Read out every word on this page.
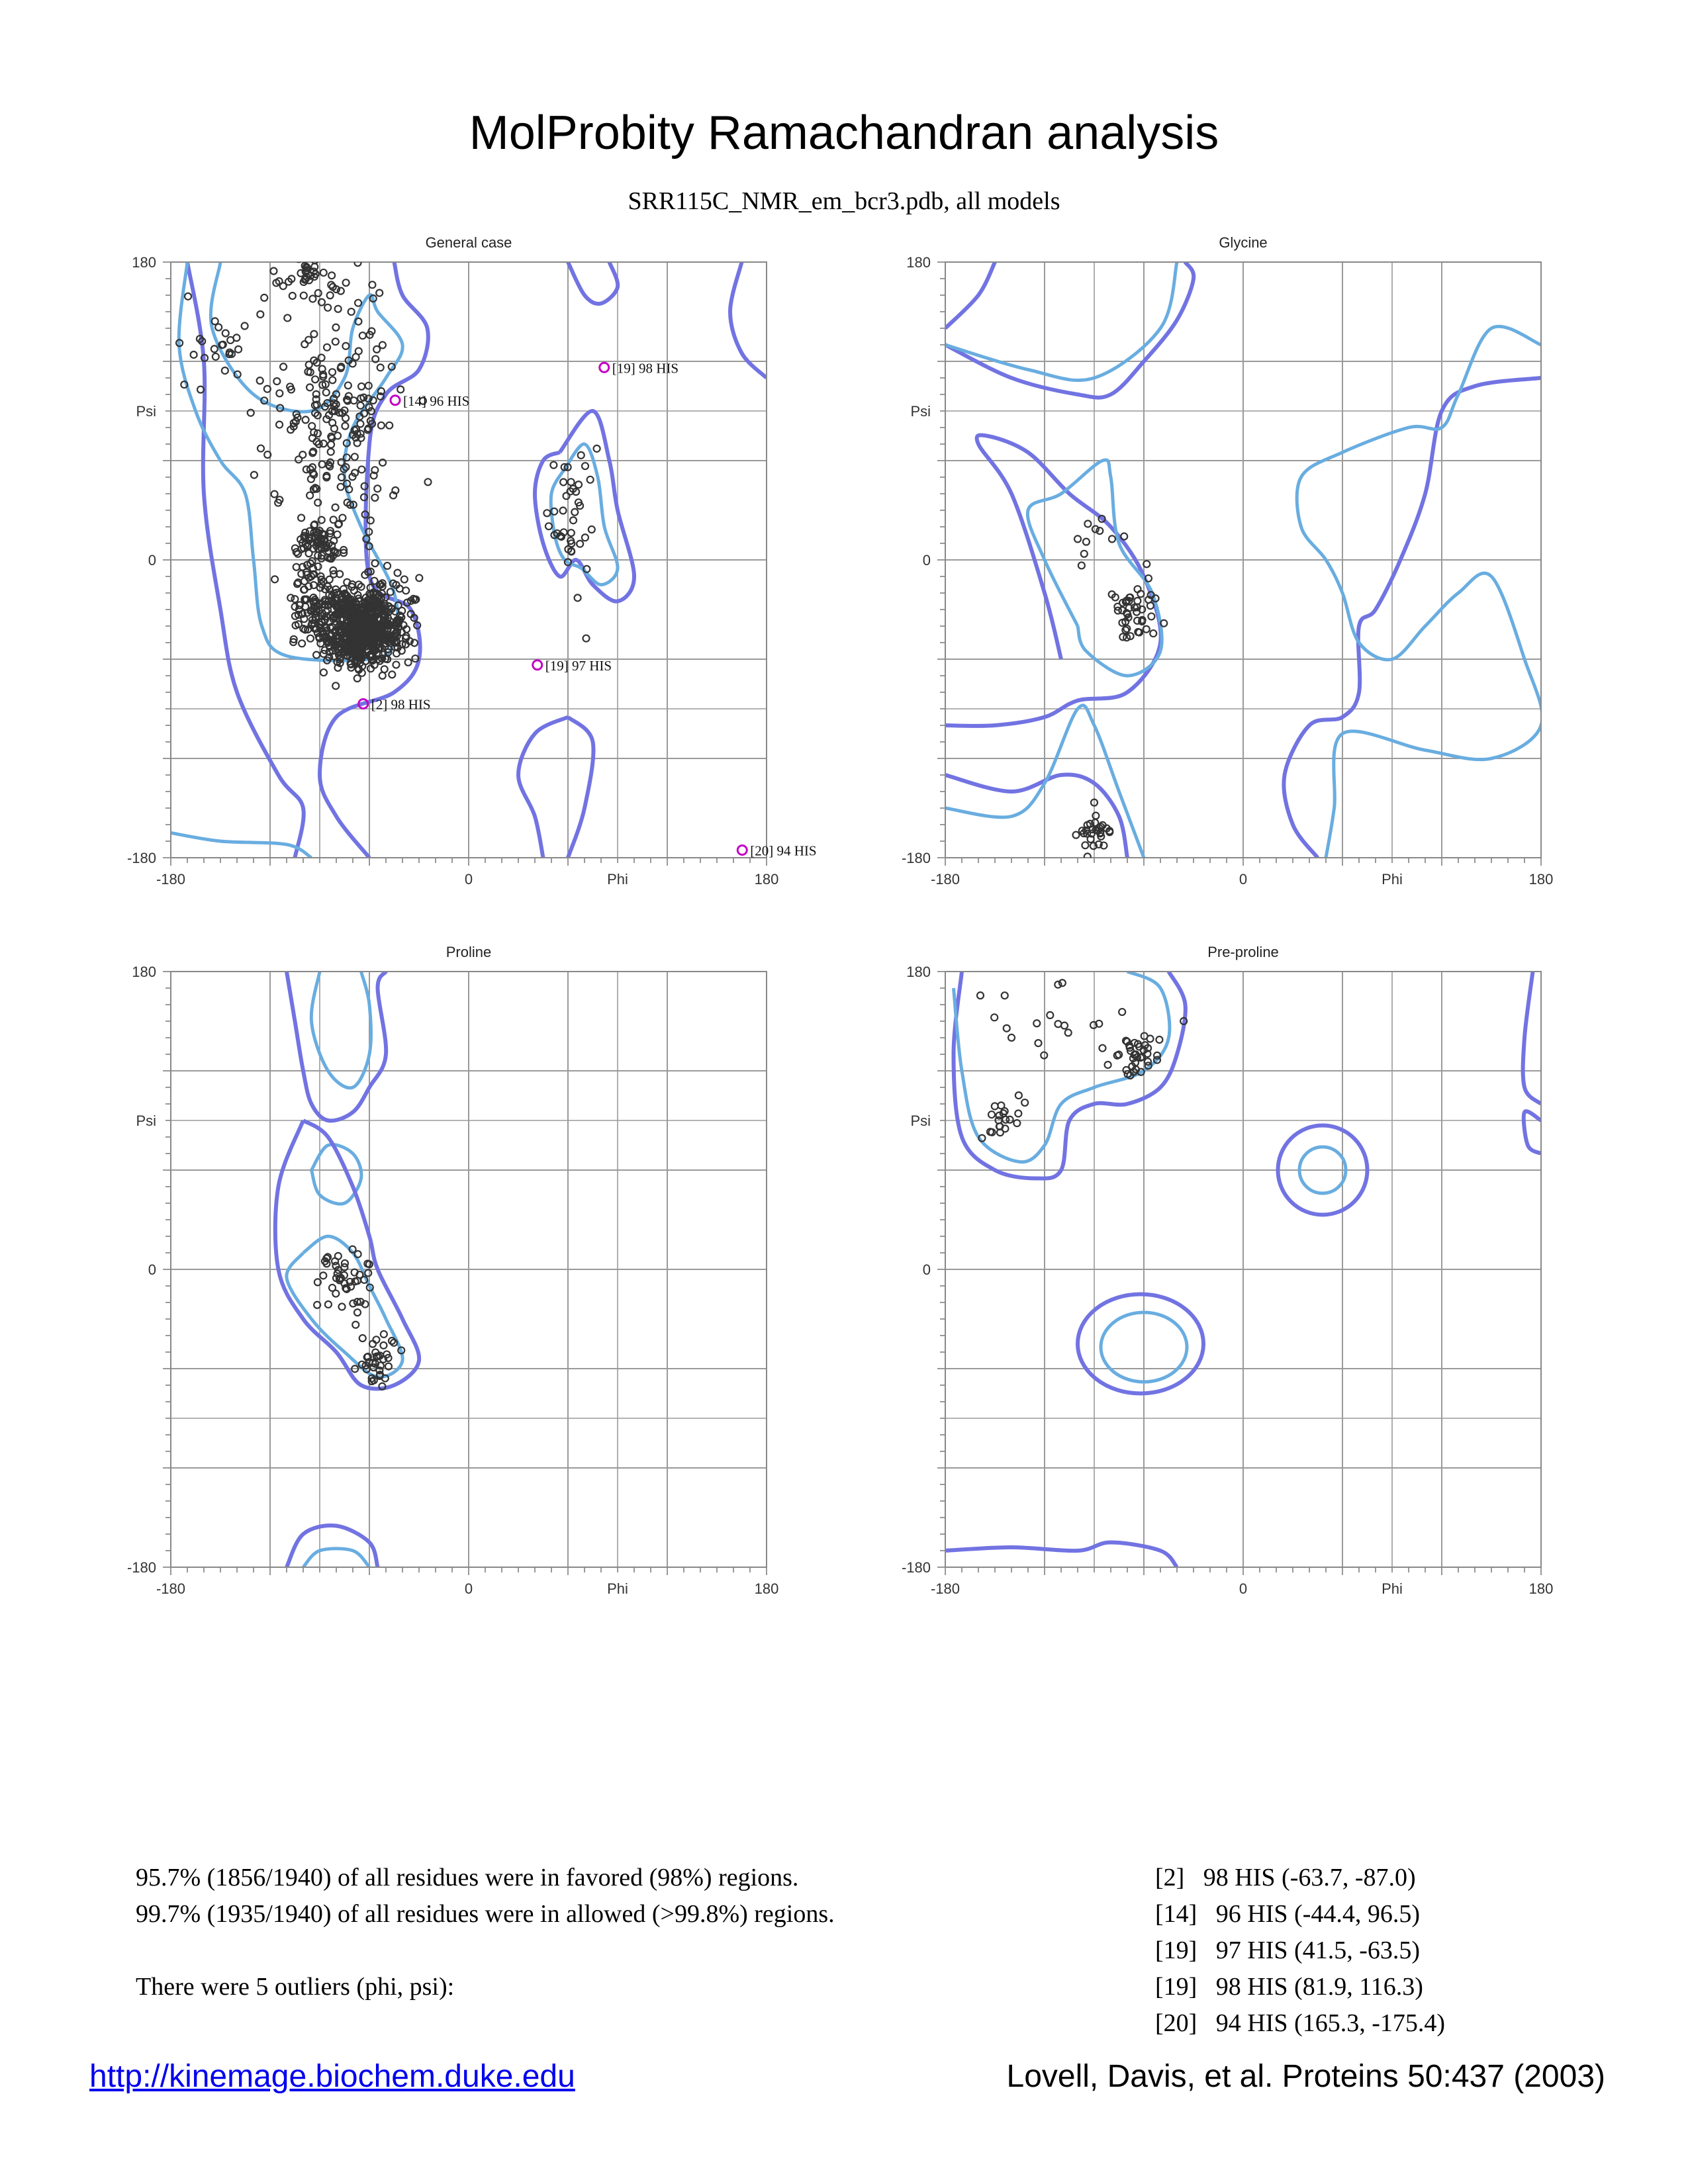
MolProbity Ramachandran analysis
SRR115C_NMR_em_bcr3.pdb, all models
General case
[2] 98 HIS
[14] 96 HIS
[19] 97 HIS
[19] 98 HIS
[20] 94 HIS
-180	0	180
180
0
-180
Phi
Psi
Glycine
-180	0	180
180
0
-180
Phi
Psi
Proline
-180	0	180
180
0
-180
Phi
Psi
Pre-proline
-180	0	180
180
0
-180
Phi
Psi
95.7% (1856/1940) of all residues were in favored (98%) regions.
99.7% (1935/1940) of all residues were in allowed (>99.8%) regions.
There were 5 outliers (phi, psi):
[2]   98 HIS (-63.7, -87.0)
[14]   96 HIS (-44.4, 96.5)
[19]   97 HIS (41.5, -63.5)
[19]   98 HIS (81.9, 116.3)
[20]   94 HIS (165.3, -175.4)
http://kinemage.biochem.duke.edu	Lovell, Davis, et al. Proteins 50:437 (2003)
